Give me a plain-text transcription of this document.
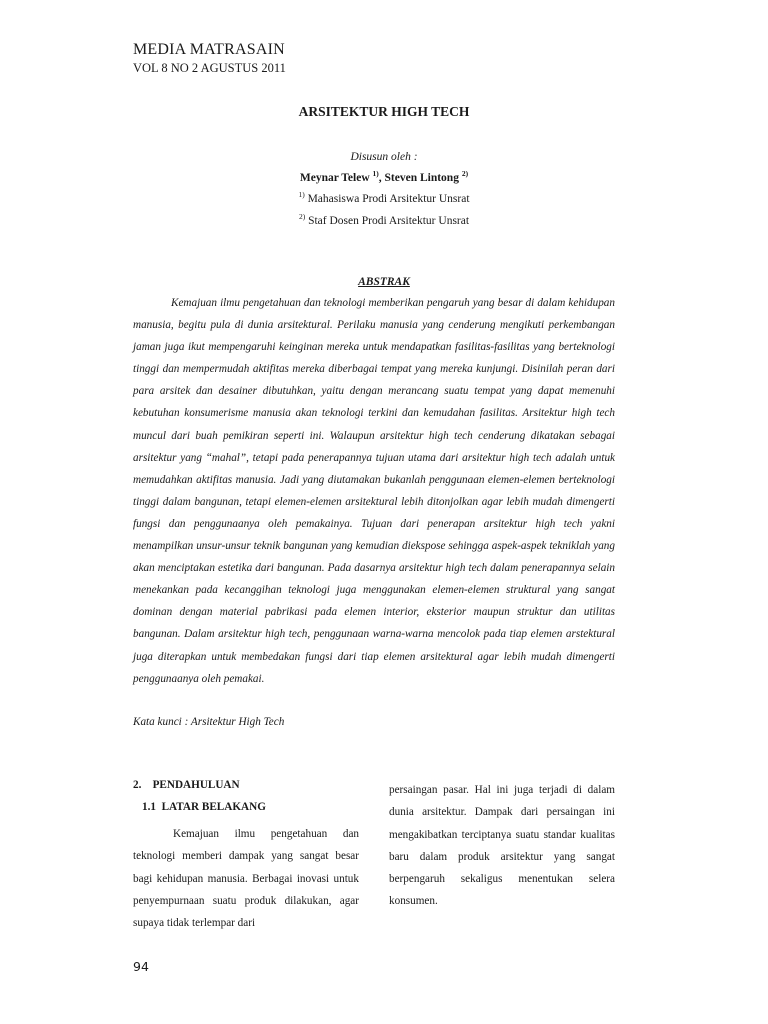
MEDIA MATRASAIN
VOL 8 NO 2 AGUSTUS 2011
ARSITEKTUR HIGH TECH
Disusun oleh :
Meynar Telew $^{1)}$, Steven Lintong $^{2)}$
$^{1)}$ Mahasiswa Prodi Arsitektur Unsrat
$^{2)}$ Staf Dosen Prodi Arsitektur Unsrat
ABSTRAK

Kemajuan ilmu pengetahuan dan teknologi memberikan pengaruh yang besar di dalam kehidupan manusia, begitu pula di dunia arsitektural. Perilaku manusia yang cenderung mengikuti perkembangan jaman juga ikut mempengaruhi keinginan mereka untuk mendapatkan fasilitas-fasilitas yang berteknologi tinggi dan mempermudah aktifitas mereka diberbagai tempat yang mereka kunjungi. Disinilah peran dari para arsitek dan desainer dibutuhkan, yaitu dengan merancang suatu tempat yang dapat memenuhi kebutuhan konsumerisme manusia akan teknologi terkini dan kemudahan fasilitas. Arsitektur high tech muncul dari buah pemikiran seperti ini. Walaupun arsitektur high tech cenderung dikatakan sebagai arsitektur yang “mahal”, tetapi pada penerapannya tujuan utama dari arsitektur high tech adalah untuk memudahkan aktifitas manusia. Jadi yang diutamakan bukanlah penggunaan elemen-elemen berteknologi tinggi dalam bangunan, tetapi elemen-elemen arsitektural lebih ditonjolkan agar lebih mudah dimengerti fungsi dan penggunaanya oleh pemakainya. Tujuan dari penerapan arsitektur high tech yakni menampilkan unsur-unsur teknik bangunan yang kemudian diekspose sehingga aspek-aspek tekniklah yang akan menciptakan estetika dari bangunan. Pada dasarnya arsitektur high tech dalam penerapannya selain menekankan pada kecanggihan teknologi juga menggunakan elemen-elemen struktural yang sangat dominan dengan material pabrikasi pada elemen interior, eksterior maupun struktur dan utilitas bangunan. Dalam arsitektur high tech, penggunaan warna-warna mencolok pada tiap elemen arstektural juga diterapkan untuk membedakan fungsi dari tiap elemen arsitektural agar lebih mudah dimengerti penggunaanya oleh pemakai.

Kata kunci : Arsitektur High Tech

2.    PENDAHULUAN

1.1  LATAR BELAKANG

Kemajuan ilmu pengetahuan dan teknologi memberi dampak yang sangat besar bagi kehidupan manusia. Berbagai inovasi untuk penyempurnaan suatu produk dilakukan, agar supaya tidak terlempar dari

persaingan pasar. Hal ini juga terjadi di dalam dunia arsitektur. Dampak dari persaingan ini mengakibatkan terciptanya suatu standar kualitas baru dalam produk arsitektur yang sangat berpengaruh sekaligus menentukan selera konsumen.

94
